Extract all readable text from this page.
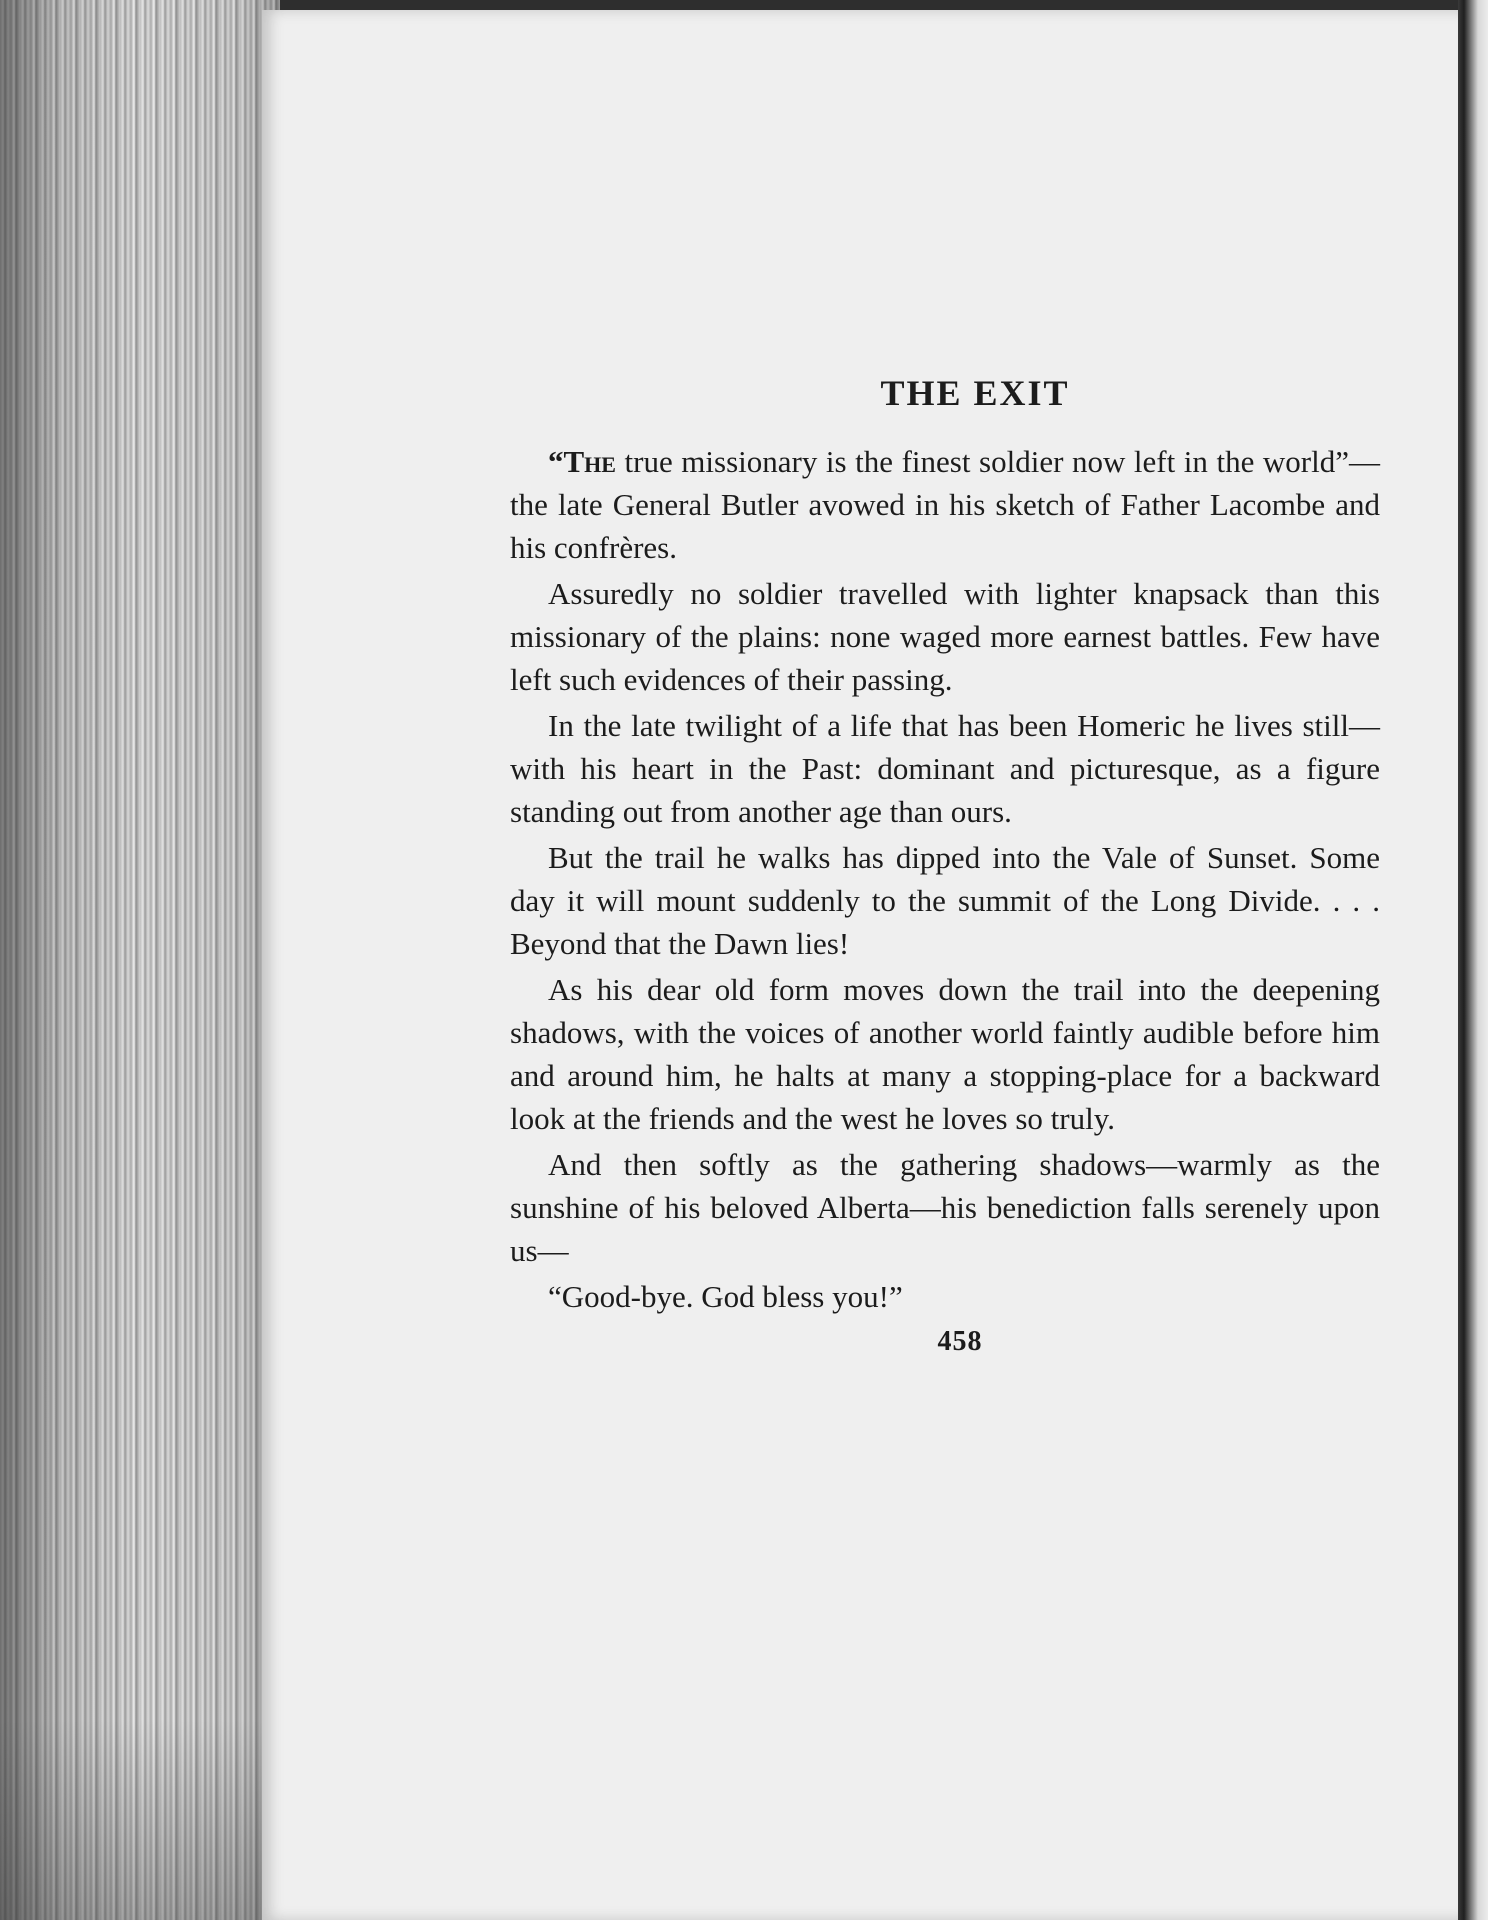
THE EXIT

“The true missionary is the finest soldier now left in the world”—the late General Butler avowed in his sketch of Father Lacombe and his confrères.

Assuredly no soldier travelled with lighter knapsack than this missionary of the plains: none waged more earnest battles. Few have left such evidences of their passing.

In the late twilight of a life that has been Homeric he lives still—with his heart in the Past: dominant and picturesque, as a figure standing out from another age than ours.

But the trail he walks has dipped into the Vale of Sunset. Some day it will mount suddenly to the summit of the Long Divide. . . . Beyond that the Dawn lies!

As his dear old form moves down the trail into the deepening shadows, with the voices of another world faintly audible before him and around him, he halts at many a stopping-place for a backward look at the friends and the west he loves so truly.

And then softly as the gathering shadows—warmly as the sunshine of his beloved Alberta—his benediction falls serenely upon us—

“Good-bye. God bless you!”

458
